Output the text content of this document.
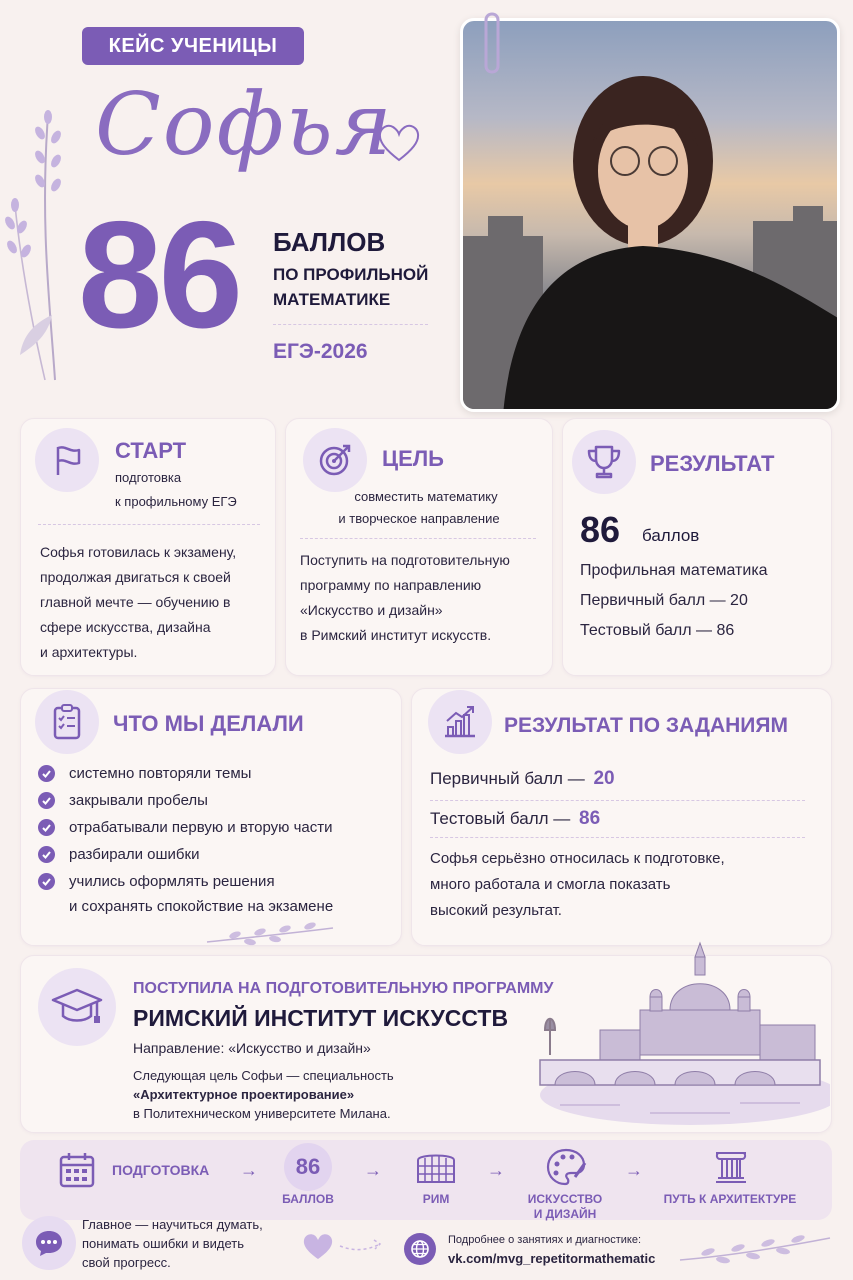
КЕЙС УЧЕНИЦЫ
Софья
86 БАЛЛОВ
ПО ПРОФИЛЬНОЙ
МАТЕМАТИКЕ
ЕГЭ-2026
СТАРТ
подготовка
к профильному ЕГЭ
Софья готовилась к экзамену,
продолжая двигаться к своей
главной мечте — обучению в
сфере искусства, дизайна
и архитектуры.
ЦЕЛЬ
совместить математику
и творческое направление
Поступить на подготовительную
программу по направлению
«Искусство и дизайн»
в Римский институт искусств.
РЕЗУЛЬТАТ
86 баллов
Профильная математика
Первичный балл — 20
Тестовый балл — 86
ЧТО МЫ ДЕЛАЛИ
системно повторяли темы
закрывали пробелы
отрабатывали первую и вторую части
разбирали ошибки
учились оформлять решения
и сохранять спокойствие на экзамене
РЕЗУЛЬТАТ ПО ЗАДАНИЯМ
Первичный балл — 20
Тестовый балл — 86
Софья серьёзно относилась к подготовке,
много работала и смогла показать
высокий результат.
ПОСТУПИЛА НА ПОДГОТОВИТЕЛЬНУЮ ПРОГРАММУ
РИМСКИЙ ИНСТИТУТ ИСКУССТВ
Направление: «Искусство и дизайн»
Следующая цель Софьи — специальность
«Архитектурное проектирование»
в Политехническом университете Милана.
ПОДГОТОВКА →	86
БАЛЛОВ
→
РИМ
→
ИСКУССТВО
И ДИЗАЙН
→
ПУТЬ К АРХИТЕКТУРЕ
Главное — научиться думать,
понимать ошибки и видеть
свой прогресс.
Подробнее о занятиях и диагностике:
vk.com/mvg_repetitormathematic
